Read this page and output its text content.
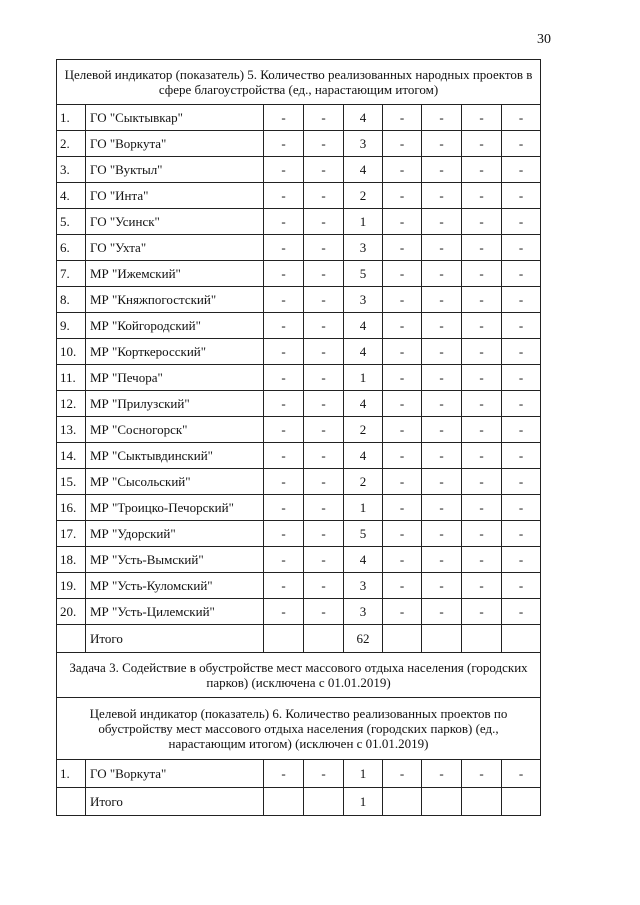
30
Целевой индикатор (показатель) 5. Количество реализованных народных проектов в сфере благоустройства (ед., нарастающим итогом)								
1.	ГО "Сыктывкар"	-	-	4	-	-	-	-
2.	ГО "Воркута"	-	-	3	-	-	-	-
3.	ГО "Вуктыл"	-	-	4	-	-	-	-
4.	ГО "Инта"	-	-	2	-	-	-	-
5.	ГО "Усинск"	-	-	1	-	-	-	-
6.	ГО "Ухта"	-	-	3	-	-	-	-
7.	МР "Ижемский"	-	-	5	-	-	-	-
8.	МР "Княжпогостский"	-	-	3	-	-	-	-
9.	МР "Койгородский"	-	-	4	-	-	-	-
10.	МР "Корткеросский"	-	-	4	-	-	-	-
11.	МР "Печора"	-	-	1	-	-	-	-
12.	МР "Прилузский"	-	-	4	-	-	-	-
13.	МР "Сосногорск"	-	-	2	-	-	-	-
14.	МР "Сыктывдинский"	-	-	4	-	-	-	-
15.	МР "Сысольский"	-	-	2	-	-	-	-
16.	МР "Троицко-Печорский"	-	-	1	-	-	-	-
17.	МР "Удорский"	-	-	5	-	-	-	-
18.	МР "Усть-Вымский"	-	-	4	-	-	-	-
19.	МР "Усть-Куломский"	-	-	3	-	-	-	-
20.	МР "Усть-Цилемский"	-	-	3	-	-	-	-
	Итого			62				
Задача 3. Содействие в обустройстве мест массового отдыха населения (городских парков) (исключена с 01.01.2019)								
Целевой индикатор (показатель) 6. Количество реализованных проектов по обустройству мест массового отдыха населения (городских парков) (ед., нарастающим итогом) (исключен с 01.01.2019)								
1.	ГО "Воркута"	-	-	1	-	-	-	-
	Итого			1				
